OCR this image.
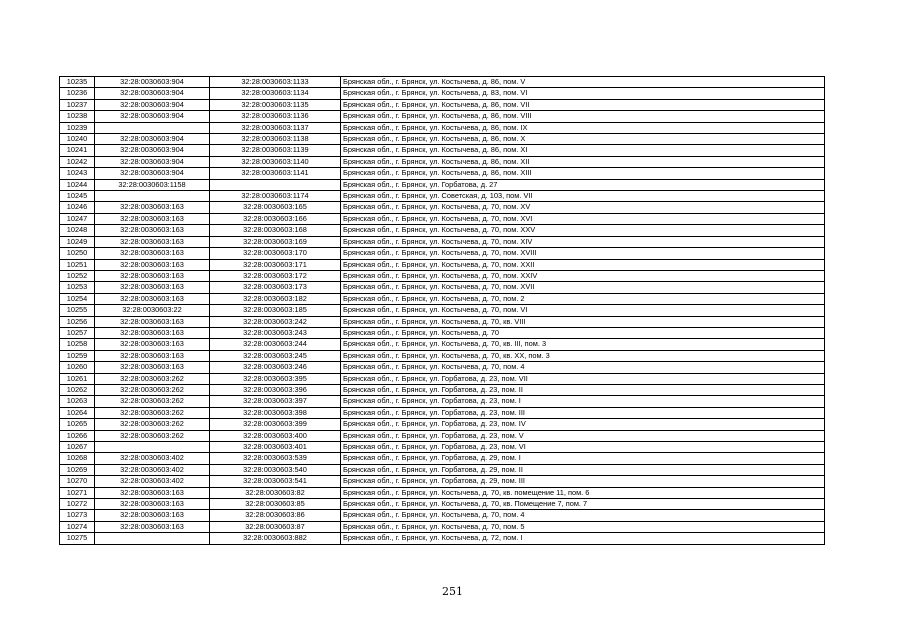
10235	32:28:0030603:904	32:28:0030603:1133	Брянская обл., г. Брянск, ул. Костычева, д. 86, пом. V
10236	32:28:0030603:904	32:28:0030603:1134	Брянская обл., г. Брянск, ул. Костычева, д. 83, пом. VI
10237	32:28:0030603:904	32:28:0030603:1135	Брянская обл., г. Брянск, ул. Костычева, д. 86, пом. VII
10238	32:28:0030603:904	32:28:0030603:1136	Брянская обл., г. Брянск, ул. Костычева, д. 86, пом. VIII
10239		32:28:0030603:1137	Брянская обл., г. Брянск, ул. Костычева, д. 86, пом. IX
10240	32:28:0030603:904	32:28:0030603:1138	Брянская обл., г. Брянск, ул. Костычева, д. 86, пом. X
10241	32:28:0030603:904	32:28:0030603:1139	Брянская обл., г. Брянск, ул. Костычева, д. 86, пом. XI
10242	32:28:0030603:904	32:28:0030603:1140	Брянская обл., г. Брянск, ул. Костычева, д. 86, пом. XII
10243	32:28:0030603:904	32:28:0030603:1141	Брянская обл., г. Брянск, ул. Костычева, д. 86, пом. XIII
10244	32:28:0030603:1158		Брянская обл., г. Брянск, ул. Горбатова, д. 27
10245		32:28:0030603:1174	Брянская обл., г. Брянск, ул. Советская, д. 103, пом. VII
10246	32:28:0030603:163	32:28:0030603:165	Брянская обл., г. Брянск, ул. Костычева, д. 70, пом. XV
10247	32:28:0030603:163	32:28:0030603:166	Брянская обл., г. Брянск, ул. Костычева, д. 70, пом. XVI
10248	32:28:0030603:163	32:28:0030603:168	Брянская обл., г. Брянск, ул. Костычева, д. 70, пом. XXV
10249	32:28:0030603:163	32:28:0030603:169	Брянская обл., г. Брянск, ул. Костычева, д. 70, пом. XIV
10250	32:28:0030603:163	32:28:0030603:170	Брянская обл., г. Брянск, ул. Костычева, д. 70, пом. XVIII
10251	32:28:0030603:163	32:28:0030603:171	Брянская обл., г. Брянск, ул. Костычева, д. 70, пом. XXII
10252	32:28:0030603:163	32:28:0030603:172	Брянская обл., г. Брянск, ул. Костычева, д. 70, пом. XXIV
10253	32:28:0030603:163	32:28:0030603:173	Брянская обл., г. Брянск, ул. Костычева, д. 70, пом. XVII
10254	32:28:0030603:163	32:28:0030603:182	Брянская обл., г. Брянск, ул. Костычева, д. 70, пом. 2
10255	32:28:0030603:22	32:28:0030603:185	Брянская обл., г. Брянск, ул. Костычева, д. 70, пом. VI
10256	32:28:0030603:163	32:28:0030603:242	Брянская обл., г. Брянск, ул. Костычева, д. 70, кв. VIII
10257	32:28:0030603:163	32:28:0030603:243	Брянская обл., г. Брянск, ул. Костычева, д. 70
10258	32:28:0030603:163	32:28:0030603:244	Брянская обл., г. Брянск, ул. Костычева, д. 70, кв. III, пом. 3
10259	32:28:0030603:163	32:28:0030603:245	Брянская обл., г. Брянск, ул. Костычева, д. 70, кв. XX, пом. 3
10260	32:28:0030603:163	32:28:0030603:246	Брянская обл., г. Брянск, ул. Костычева, д. 70, пом. 4
10261	32:28:0030603:262	32:28:0030603:395	Брянская обл., г. Брянск, ул. Горбатова, д. 23, пом. VII
10262	32:28:0030603:262	32:28:0030603:396	Брянская обл., г. Брянск, ул. Горбатова, д. 23, пом. II
10263	32:28:0030603:262	32:28:0030603:397	Брянская обл., г. Брянск, ул. Горбатова, д. 23, пом. I
10264	32:28:0030603:262	32:28:0030603:398	Брянская обл., г. Брянск, ул. Горбатова, д. 23, пом. III
10265	32:28:0030603:262	32:28:0030603:399	Брянская обл., г. Брянск, ул. Горбатова, д. 23, пом. IV
10266	32:28:0030603:262	32:28:0030603:400	Брянская обл., г. Брянск, ул. Горбатова, д. 23, пом. V
10267		32:28:0030603:401	Брянская обл., г. Брянск, ул. Горбатова, д. 23, пом. VI
10268	32:28:0030603:402	32:28:0030603:539	Брянская обл., г. Брянск, ул. Горбатова, д. 29, пом. I
10269	32:28:0030603:402	32:28:0030603:540	Брянская обл., г. Брянск, ул. Горбатова, д. 29, пом. II
10270	32:28:0030603:402	32:28:0030603:541	Брянская обл., г. Брянск, ул. Горбатова, д. 29, пом. III
10271	32:28:0030603:163	32:28:0030603:82	Брянская обл., г. Брянск, ул. Костычева, д. 70, кв. помещение 11, пом. 6
10272	32:28:0030603:163	32:28:0030603:85	Брянская обл., г. Брянск, ул. Костычева, д. 70, кв. Помещение 7, пом. 7
10273	32:28:0030603:163	32:28:0030603:86	Брянская обл., г. Брянск, ул. Костычева, д. 70, пом. 4
10274	32:28:0030603:163	32:28:0030603:87	Брянская обл., г. Брянск, ул. Костычева, д. 70, пом. 5
10275		32:28:0030603:882	Брянская обл., г. Брянск, ул. Костычева, д. 72, пом. I
251
